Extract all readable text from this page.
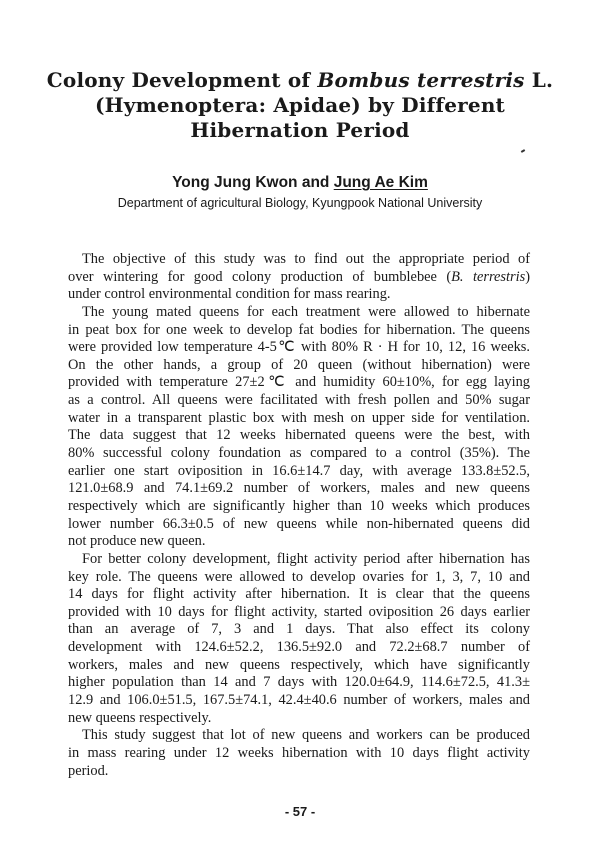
Colony Development of Bombus terrestris L.
(Hymenoptera: Apidae) by Different
Hibernation Period
Yong Jung Kwon and Jung Ae Kim
Department of agricultural Biology, Kyungpook National University
The objective of this study was to find out the appropriate period of
over wintering for good colony production of bumblebee (B. terrestris)
under control environmental condition for mass rearing.
The young mated queens for each treatment were allowed to hibernate
in peat box for one week to develop fat bodies for hibernation. The queens
were provided low temperature 4-5℃ with 80% R · H for 10, 12, 16 weeks.
On the other hands, a group of 20 queen (without hibernation) were
provided with temperature 27±2℃ and humidity 60±10%, for egg laying
as a control. All queens were facilitated with fresh pollen and 50% sugar
water in a transparent plastic box with mesh on upper side for ventilation.
The data suggest that 12 weeks hibernated queens were the best, with
80% successful colony foundation as compared to a control (35%). The
earlier one start oviposition in 16.6±14.7 day, with average 133.8±52.5,
121.0±68.9 and 74.1±69.2 number of workers, males and new queens
respectively which are significantly higher than 10 weeks which produces
lower number 66.3±0.5 of new queens while non-hibernated queens did
not produce new queen.
For better colony development, flight activity period after hibernation has
key role. The queens were allowed to develop ovaries for 1, 3, 7, 10 and
14 days for flight activity after hibernation. It is clear that the queens
provided with 10 days for flight activity, started oviposition 26 days earlier
than an average of 7, 3 and 1 days. That also effect its colony
development with 124.6±52.2, 136.5±92.0 and 72.2±68.7 number of
workers, males and new queens respectively, which have significantly
higher population than 14 and 7 days with 120.0±64.9, 114.6±72.5, 41.3±
12.9 and 106.0±51.5, 167.5±74.1, 42.4±40.6 number of workers, males and
new queens respectively.
This study suggest that lot of new queens and workers can be produced
in mass rearing under 12 weeks hibernation with 10 days flight activity
period.
- 57 -
